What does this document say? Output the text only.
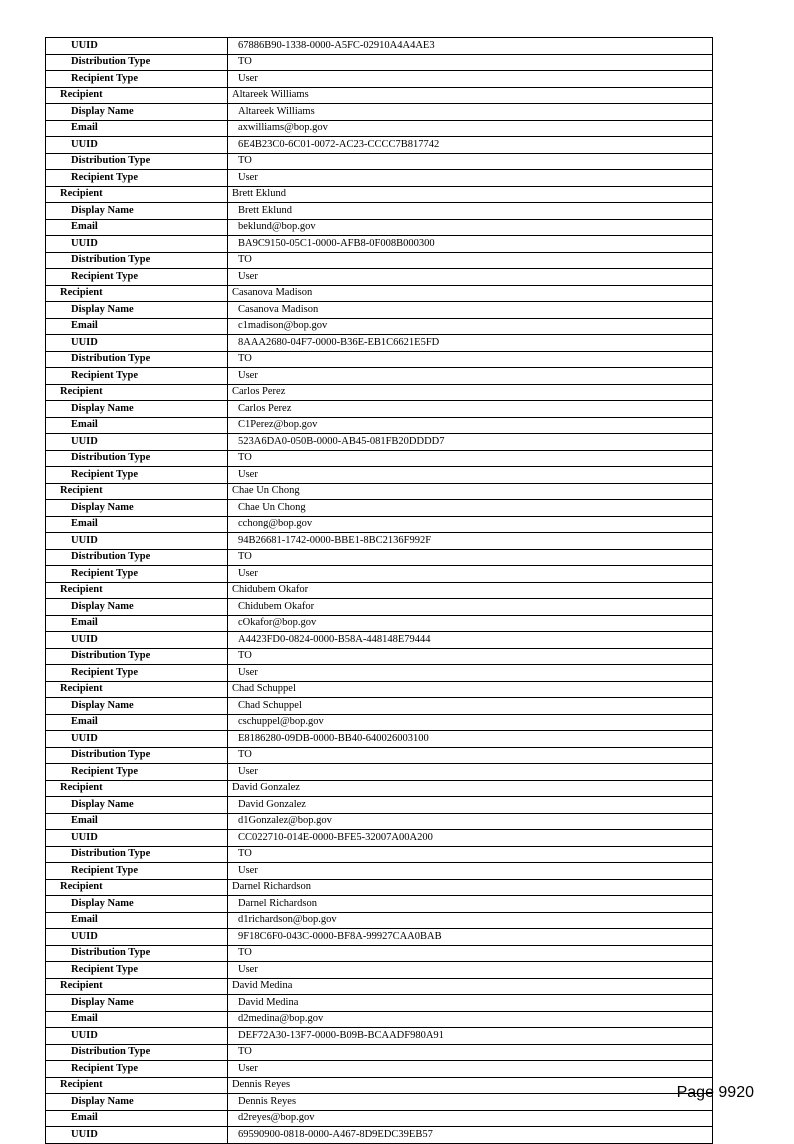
UUID	67886B90-1338-0000-A5FC-02910A4A4AE3
Distribution Type	TO
Recipient Type	User
Recipient	Altareek Williams
Display Name	Altareek Williams
Email	axwilliams@bop.gov
UUID	6E4B23C0-6C01-0072-AC23-CCCC7B817742
Distribution Type	TO
Recipient Type	User
Recipient	Brett Eklund
Display Name	Brett Eklund
Email	beklund@bop.gov
UUID	BA9C9150-05C1-0000-AFB8-0F008B000300
Distribution Type	TO
Recipient Type	User
Recipient	Casanova Madison
Display Name	Casanova Madison
Email	c1madison@bop.gov
UUID	8AAA2680-04F7-0000-B36E-EB1C6621E5FD
Distribution Type	TO
Recipient Type	User
Recipient	Carlos Perez
Display Name	Carlos Perez
Email	C1Perez@bop.gov
UUID	523A6DA0-050B-0000-AB45-081FB20DDDD7
Distribution Type	TO
Recipient Type	User
Recipient	Chae Un Chong
Display Name	Chae Un Chong
Email	cchong@bop.gov
UUID	94B26681-1742-0000-BBE1-8BC2136F992F
Distribution Type	TO
Recipient Type	User
Recipient	Chidubem Okafor
Display Name	Chidubem Okafor
Email	cOkafor@bop.gov
UUID	A4423FD0-0824-0000-B58A-448148E79444
Distribution Type	TO
Recipient Type	User
Recipient	Chad Schuppel
Display Name	Chad Schuppel
Email	cschuppel@bop.gov
UUID	E8186280-09DB-0000-BB40-640026003100
Distribution Type	TO
Recipient Type	User
Recipient	David Gonzalez
Display Name	David Gonzalez
Email	d1Gonzalez@bop.gov
UUID	CC022710-014E-0000-BFE5-32007A00A200
Distribution Type	TO
Recipient Type	User
Recipient	Darnel Richardson
Display Name	Darnel Richardson
Email	d1richardson@bop.gov
UUID	9F18C6F0-043C-0000-BF8A-99927CAA0BAB
Distribution Type	TO
Recipient Type	User
Recipient	David Medina
Display Name	David Medina
Email	d2medina@bop.gov
UUID	DEF72A30-13F7-0000-B09B-BCAADF980A91
Distribution Type	TO
Recipient Type	User
Recipient	Dennis Reyes
Display Name	Dennis Reyes
Email	d2reyes@bop.gov
UUID	69590900-0818-0000-A467-8D9EDC39EB57
Page 9920
